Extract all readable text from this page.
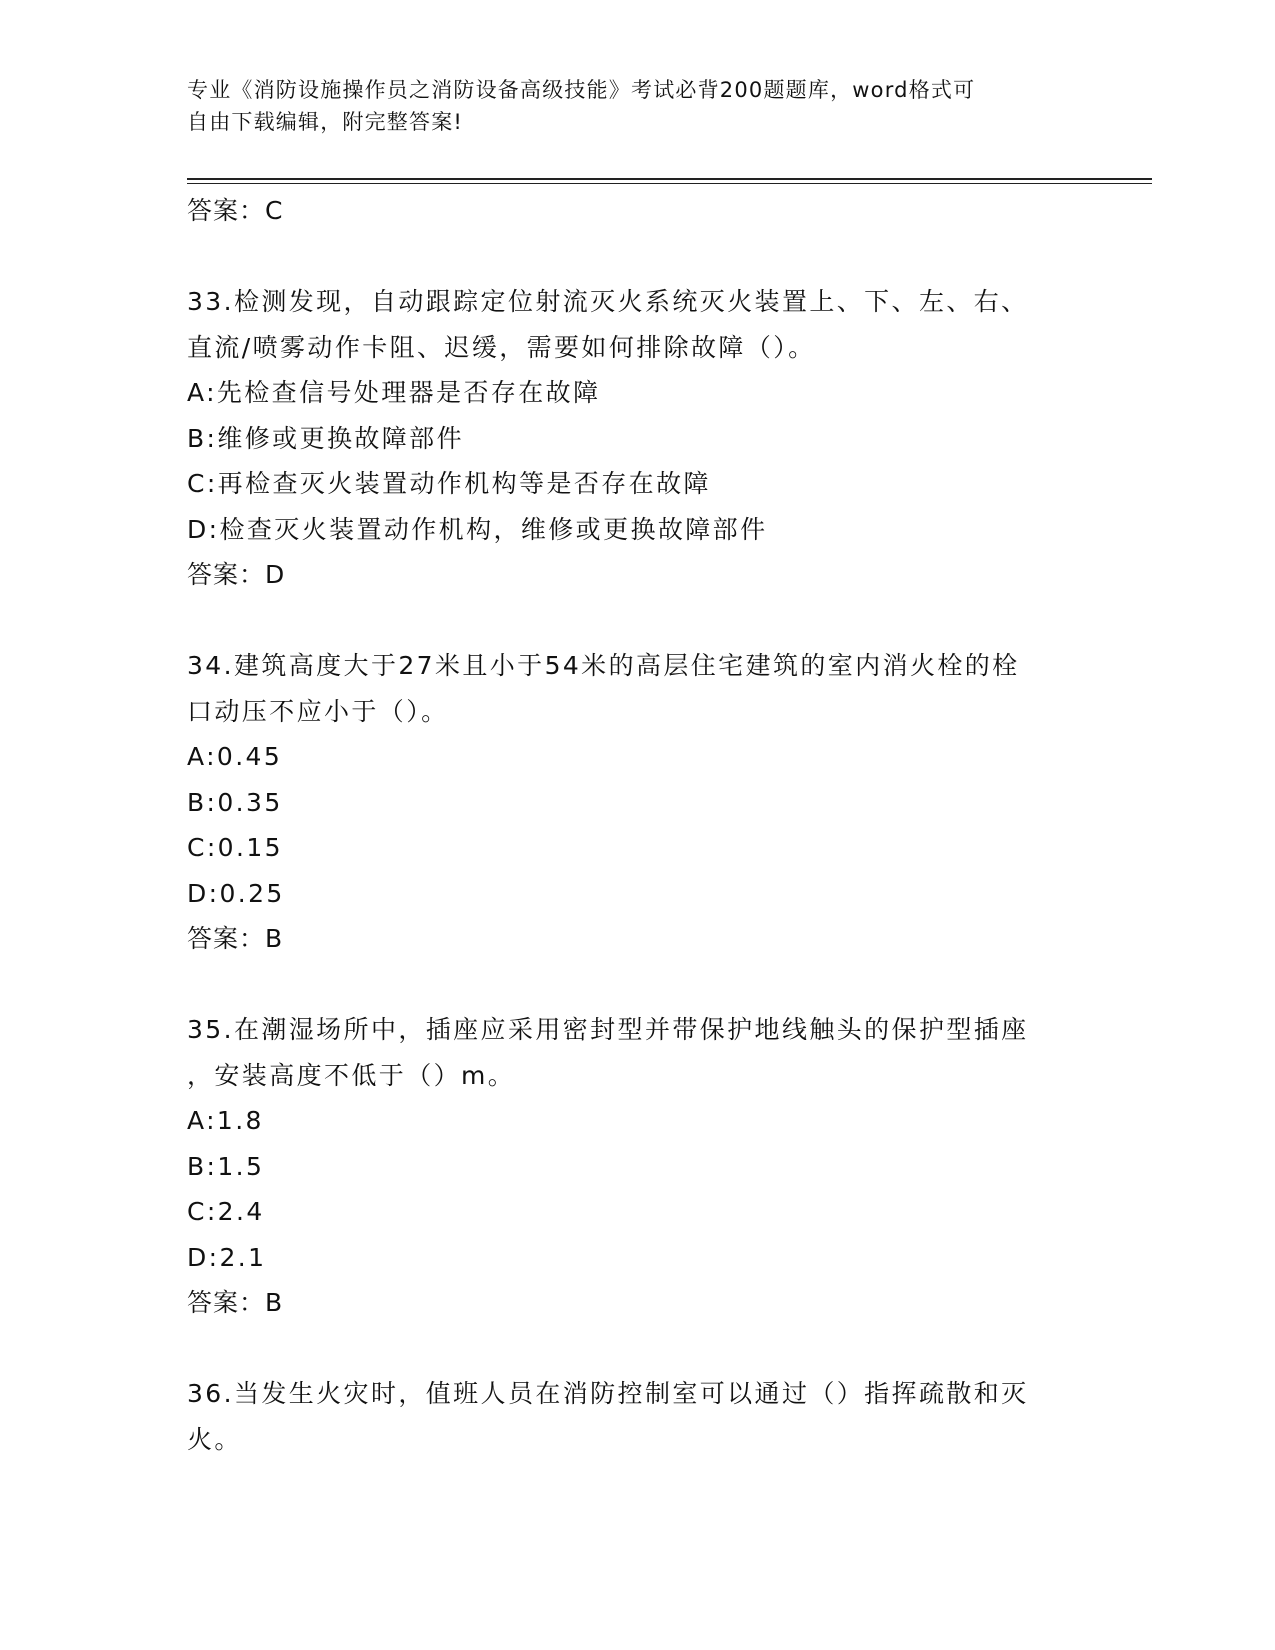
专业《消防设施操作员之消防设备高级技能》考试必背200题题库，word格式可
自由下载编辑，附完整答案!
答案：C
33.检测发现，自动跟踪定位射流灭火系统灭火装置上、下、左、右、
直流/喷雾动作卡阻、迟缓，需要如何排除故障（）。
A:先检查信号处理器是否存在故障
B:维修或更换故障部件
C:再检查灭火装置动作机构等是否存在故障
D:检查灭火装置动作机构，维修或更换故障部件
答案：D
34.建筑高度大于27米且小于54米的高层住宅建筑的室内消火栓的栓
口动压不应小于（）。
A:0.45
B:0.35
C:0.15
D:0.25
答案：B
35.在潮湿场所中，插座应采用密封型并带保护地线触头的保护型插座
，安装高度不低于（）m。
A:1.8
B:1.5
C:2.4
D:2.1
答案：B
36.当发生火灾时，值班人员在消防控制室可以通过（）指挥疏散和灭
火。
